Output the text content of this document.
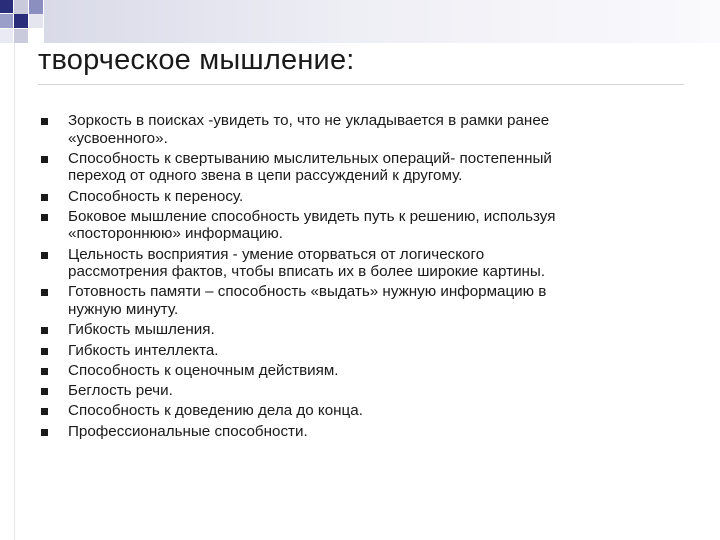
творческое мышление:
Зоркость в поисках -увидеть то, что не укладывается в рамки ранее
«усвоенного».
Способность к свертыванию мыслительных операций- постепенный
переход от одного звена в цепи рассуждений к другому.
Способность к переносу.
Боковое мышление способность увидеть путь к решению, используя
«постороннюю» информацию.
Цельность восприятия - умение оторваться от логического
рассмотрения фактов, чтобы вписать их в более широкие картины.
Готовность памяти – способность «выдать» нужную информацию в
нужную минуту.
Гибкость мышления.
Гибкость интеллекта.
Способность к оценочным действиям.
Беглость речи.
Способность к доведению дела до конца.
Профессиональные способности.
